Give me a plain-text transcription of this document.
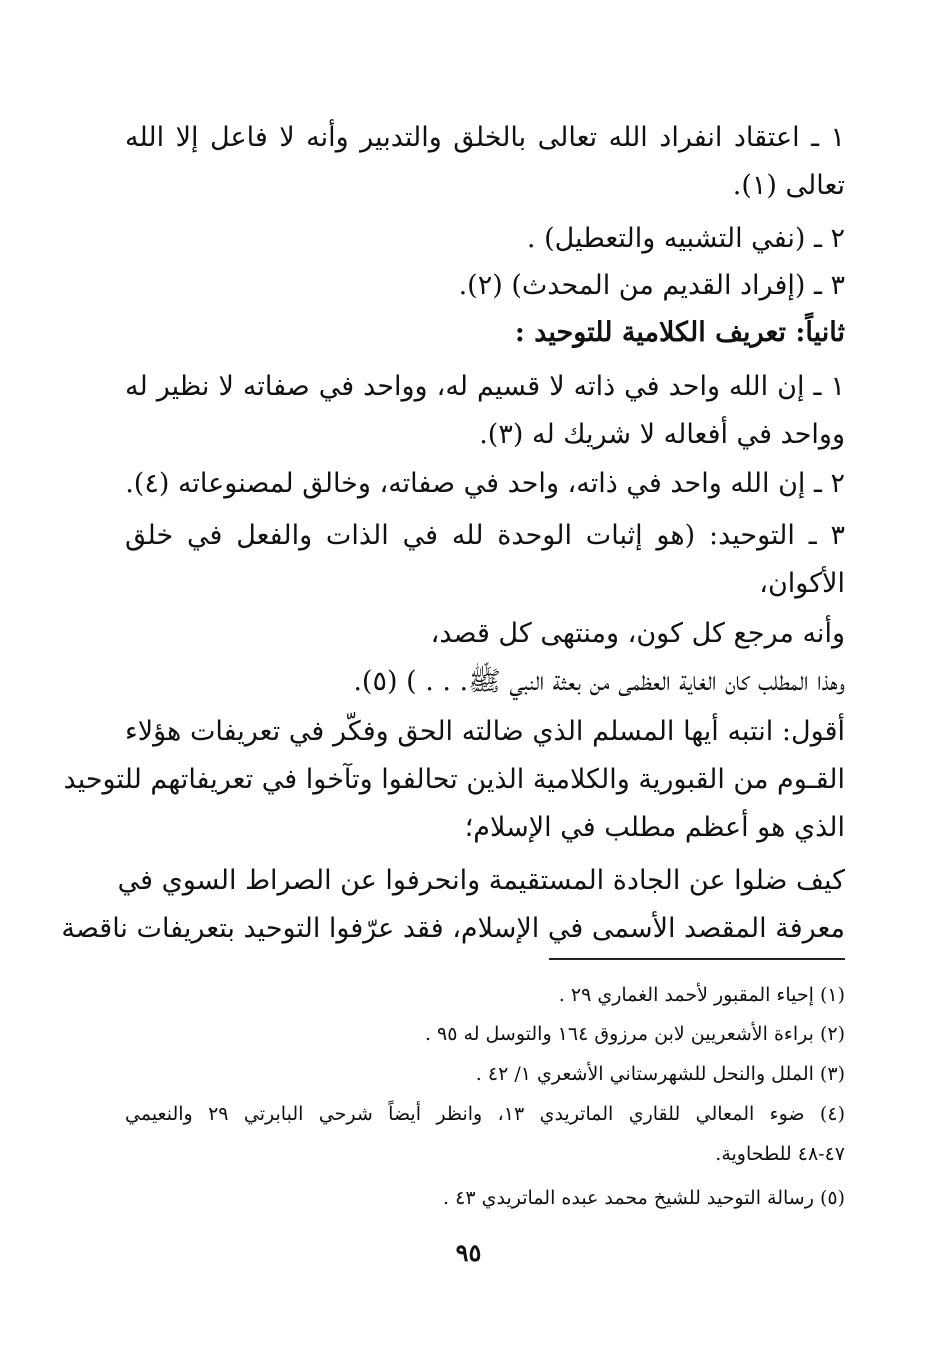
١ ـ اعتقاد انفراد الله تعالى بالخلق والتدبير وأنه لا فاعل إلا الله
تعالى (١).
٢ ـ (نفي التشبيه والتعطيل) .
٣ ـ (إفراد القديم من المحدث) (٢).
ثانياً: تعريف الكلامية للتوحيد :
١ ـ إن الله واحد في ذاته لا قسيم له، وواحد في صفاته لا نظير له
وواحد في أفعاله لا شريك له (٣).
٢ ـ إن الله واحد في ذاته، واحد في صفاته، وخالق لمصنوعاته (٤).
٣ ـ التوحيد: (هو إثبات الوحدة لله في الذات والفعل في خلق
الأكوان،
وأنه مرجع كل كون، ومنتهى كل قصد،
وهذا المطلب كان الغاية العظمى من بعثة النبي ﷺ. . . ) (٥).
أقول: انتبه أيها المسلم الذي ضالته الحق وفكّر في تعريفات هؤلاء
القـوم من القبورية والكلامية الذين تحالفوا وتآخوا في تعريفاتهم للتوحيد
الذي هو أعظم مطلب في الإسلام؛
كيف ضلوا عن الجادة المستقيمة وانحرفوا عن الصراط السوي في
معرفة المقصد الأسمى في الإسلام، فقد عرّفوا التوحيد بتعريفات ناقصة
(١) إحياء المقبور لأحمد الغماري ٢٩ .
(٢) براءة الأشعريين لابن مرزوق ١٦٤ والتوسل له ٩٥ .
(٣) الملل والنحل للشهرستاني الأشعري ١/ ٤٢ .
(٤) ضوء المعالي للقاري الماتريدي ١٣، وانظر أيضاً شرحي البابرتي ٢٩ والنعيمي
٤٧-٤٨ للطحاوية.
(٥) رسالة التوحيد للشيخ محمد عبده الماتريدي ٤٣ .
٩٥
